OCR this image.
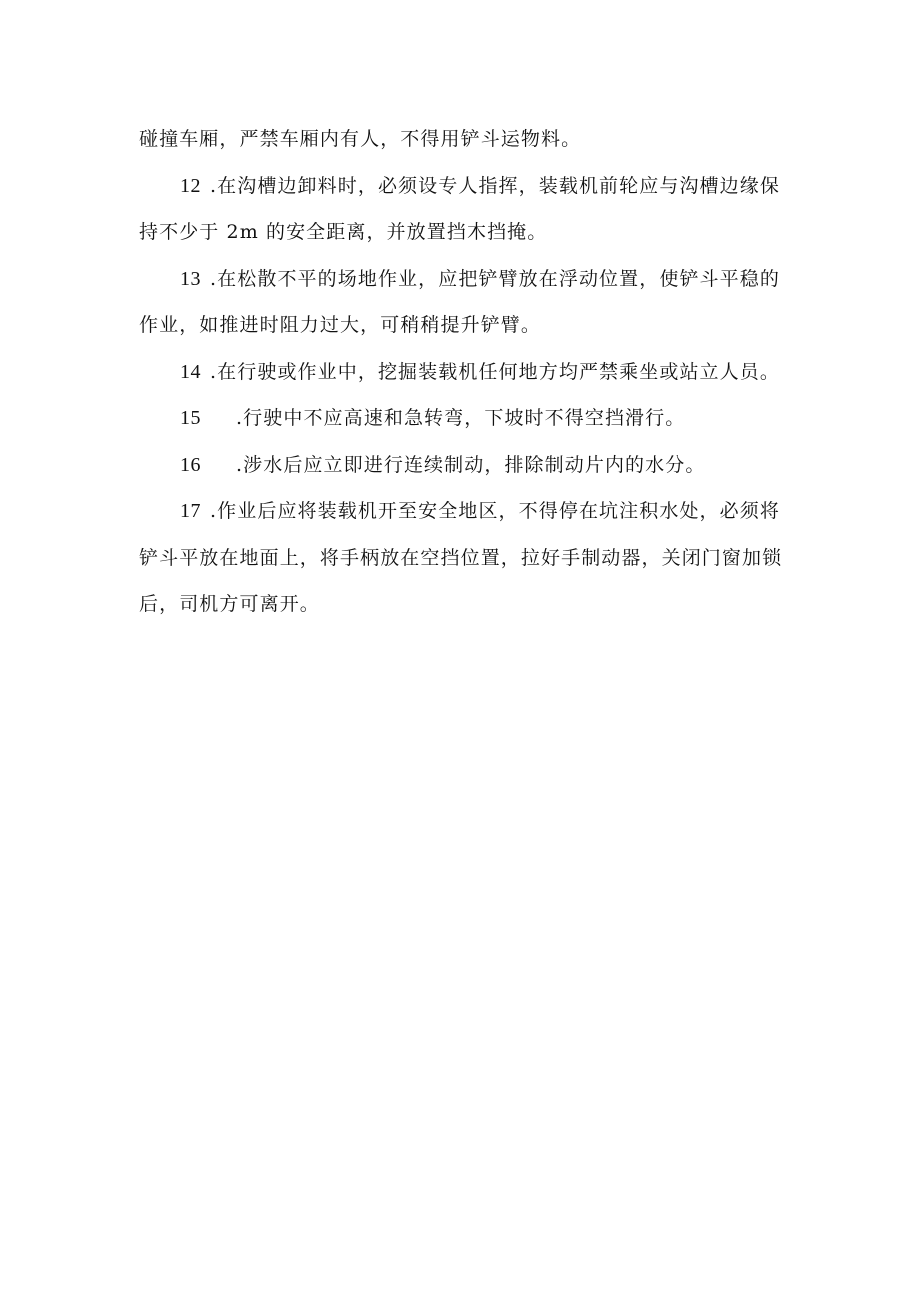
碰撞车厢，严禁车厢内有人，不得用铲斗运物料。
12 .在沟槽边卸料时，必须设专人指挥，装载机前轮应与沟槽边缘保
持不少于 2m 的安全距离，并放置挡木挡掩。
13 .在松散不平的场地作业，应把铲臂放在浮动位置，使铲斗平稳的
作业，如推进时阻力过大，可稍稍提升铲臂。
14 .在行驶或作业中，挖掘装载机任何地方均严禁乘坐或站立人员。
15 .行驶中不应高速和急转弯，下坡时不得空挡滑行。
16 .涉水后应立即进行连续制动，排除制动片内的水分。
17 .作业后应将装载机开至安全地区，不得停在坑注积水处，必须将
铲斗平放在地面上，将手柄放在空挡位置，拉好手制动器，关闭门窗加锁
后，司机方可离开。
